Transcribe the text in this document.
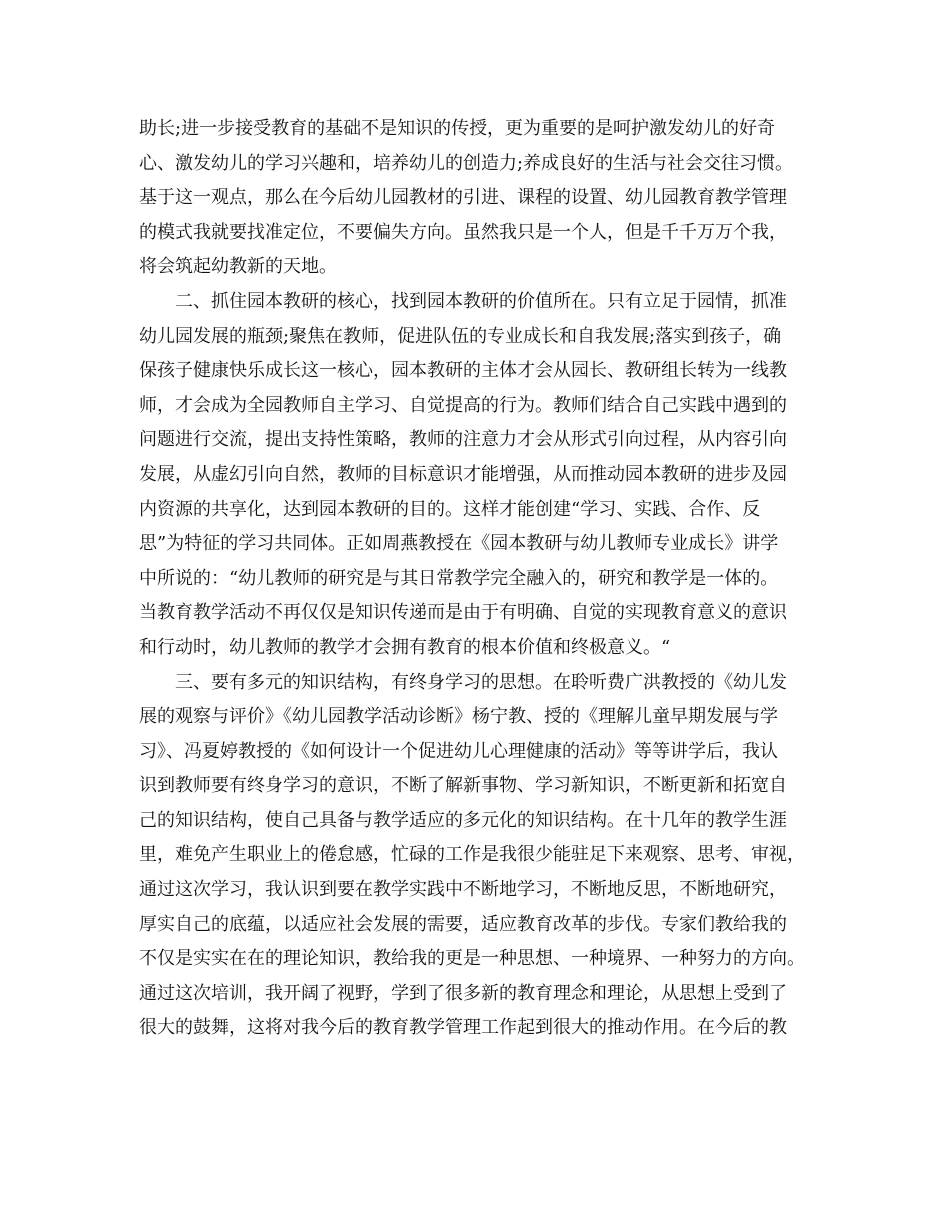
助长;进一步接受教育的基础不是知识的传授，更为重要的是呵护激发幼儿的好奇
心、激发幼儿的学习兴趣和，培养幼儿的创造力;养成良好的生活与社会交往习惯。
基于这一观点，那么在今后幼儿园教材的引进、课程的设置、幼儿园教育教学管理
的模式我就要找准定位，不要偏失方向。虽然我只是一个人，但是千千万万个我，
将会筑起幼教新的天地。
　　二、抓住园本教研的核心，找到园本教研的价值所在。只有立足于园情，抓准
幼儿园发展的瓶颈;聚焦在教师，促进队伍的专业成长和自我发展;落实到孩子，确
保孩子健康快乐成长这一核心，园本教研的主体才会从园长、教研组长转为一线教
师，才会成为全园教师自主学习、自觉提高的行为。教师们结合自己实践中遇到的
问题进行交流，提出支持性策略，教师的注意力才会从形式引向过程，从内容引向
发展，从虚幻引向自然，教师的目标意识才能增强，从而推动园本教研的进步及园
内资源的共享化，达到园本教研的目的。这样才能创建“学习、实践、合作、反
思”为特征的学习共同体。正如周燕教授在《园本教研与幼儿教师专业成长》讲学
中所说的：“幼儿教师的研究是与其日常教学完全融入的，研究和教学是一体的。
当教育教学活动不再仅仅是知识传递而是由于有明确、自觉的实现教育意义的意识
和行动时，幼儿教师的教学才会拥有教育的根本价值和终极意义。“
　　三、要有多元的知识结构，有终身学习的思想。在聆听费广洪教授的《幼儿发
展的观察与评价》《幼儿园教学活动诊断》杨宁教、授的《理解儿童早期发展与学
习》、冯夏婷教授的《如何设计一个促进幼儿心理健康的活动》等等讲学后，我认
识到教师要有终身学习的意识，不断了解新事物、学习新知识，不断更新和拓宽自
己的知识结构，使自己具备与教学适应的多元化的知识结构。在十几年的教学生涯
里，难免产生职业上的倦怠感，忙碌的工作是我很少能驻足下来观察、思考、审视，
通过这次学习，我认识到要在教学实践中不断地学习，不断地反思，不断地研究，
厚实自己的底蕴，以适应社会发展的需要，适应教育改革的步伐。专家们教给我的
不仅是实实在在的理论知识，教给我的更是一种思想、一种境界、一种努力的方向。
通过这次培训，我开阔了视野，学到了很多新的教育理念和理论，从思想上受到了
很大的鼓舞，这将对我今后的教育教学管理工作起到很大的推动作用。在今后的教
